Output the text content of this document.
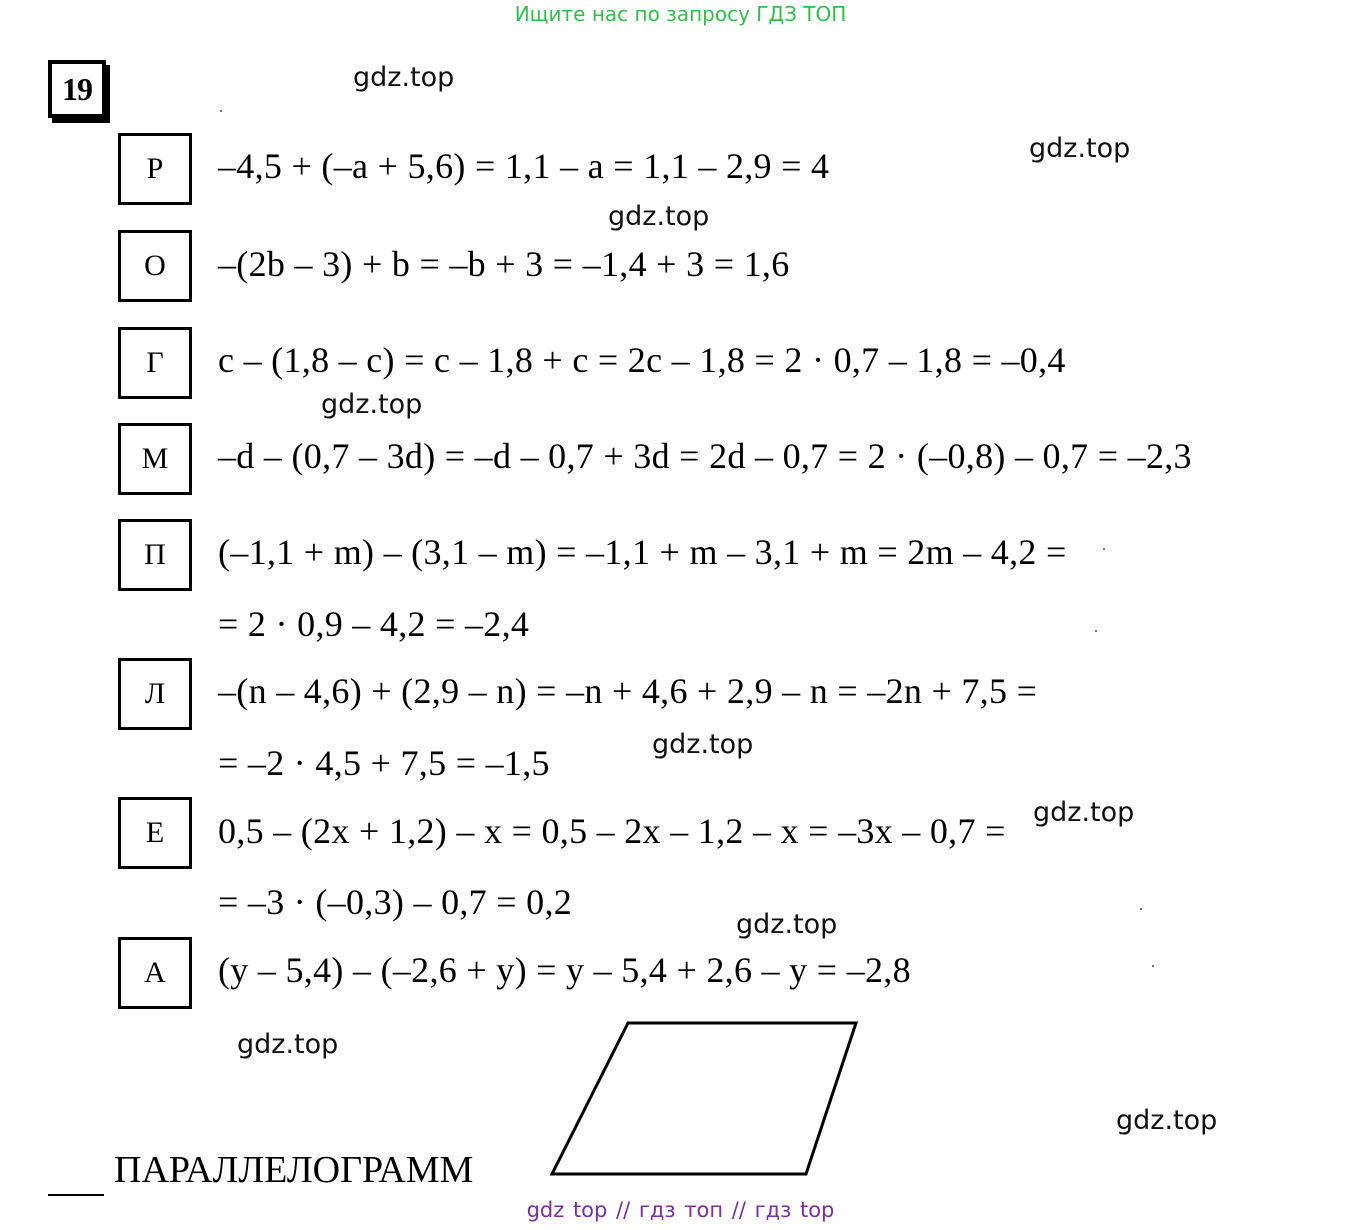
Ищите нас по запросу ГДЗ ТОП
19	gdz.top
gdz.top
gdz.top
gdz.top
gdz.top
gdz.top
gdz.top
gdz.top
gdz.top
Р	–4,5 + (–a + 5,6) = 1,1 – a = 1,1 – 2,9 = 4
О	–(2b – 3) + b = –b + 3 = –1,4 + 3 = 1,6
Г	c – (1,8 – c) = c – 1,8 + c = 2c – 1,8 = 2 · 0,7 – 1,8 = –0,4
М	–d – (0,7 – 3d) = –d – 0,7 + 3d = 2d – 0,7 = 2 · (–0,8) – 0,7 = –2,3
П	(–1,1 + m) – (3,1 – m) = –1,1 + m – 3,1 + m = 2m – 4,2 =
= 2 · 0,9 – 4,2 = –2,4
Л	–(n – 4,6) + (2,9 – n) = –n + 4,6 + 2,9 – n = –2n + 7,5 =
= –2 · 4,5 + 7,5 = –1,5
Е	0,5 – (2x + 1,2) – x = 0,5 – 2x – 1,2 – x = –3x – 0,7 =
= –3 · (–0,3) – 0,7 = 0,2
А	(y – 5,4) – (–2,6 + y) = y – 5,4 + 2,6 – y = –2,8
ПАРАЛЛЕЛОГРАММ
gdz top // гдз топ // гдз top
